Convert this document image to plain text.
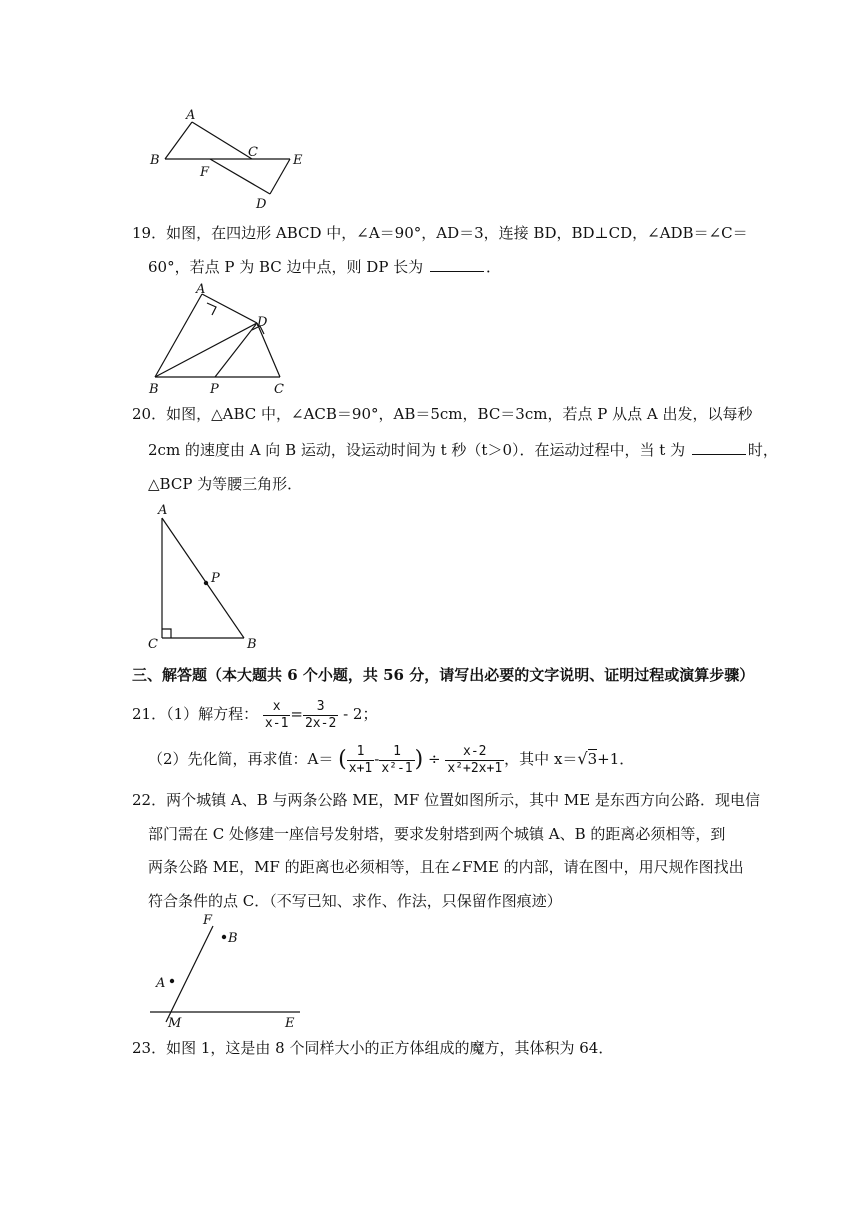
A
B
C
E
F
D
19．如图，在四边形 ABCD 中，∠A＝90°，AD＝3，连接 BD，BD⊥CD，∠ADB＝∠C＝
60°，若点 P 为 BC 边中点，则 DP 长为	．
A
D
B	P	C
20．如图，△ABC 中，∠ACB＝90°，AB＝5cm，BC＝3cm，若点 P 从点 A 出发，以每秒
2cm 的速度由 A 向 B 运动，设运动时间为 t 秒（t＞0）．在运动过程中，当 t 为	时，
△BCP 为等腰三角形．
A
P
C	B
三、解答题（本大题共 6 个小题，共 56 分，请写出必要的文字说明、证明过程或演算步骤）
21．（1）解方程： $\frac{x}{x-1} = \frac{3}{2x-2} - 2$；
（2）先化简，再求值：A＝ ( $\frac{1}{x+1} - \frac{1}{\text{x²-1}}$ ) ÷ $\frac{x-2}{\text{x²+2x+1}}$ ，其中 x＝√3+1．
22．两个城镇 A、B 与两条公路 ME，MF 位置如图所示，其中 ME 是东西方向公路．现电信
部门需在 C 处修建一座信号发射塔，要求发射塔到两个城镇 A、B 的距离必须相等，到
两条公路 ME，MF 的距离也必须相等，且在∠FME 的内部，请在图中，用尺规作图找出
符合条件的点 C．（不写已知、求作、作法，只保留作图痕迹）
F
B
A
M	E
23．如图 1，这是由 8 个同样大小的正方体组成的魔方，其体积为 64．
